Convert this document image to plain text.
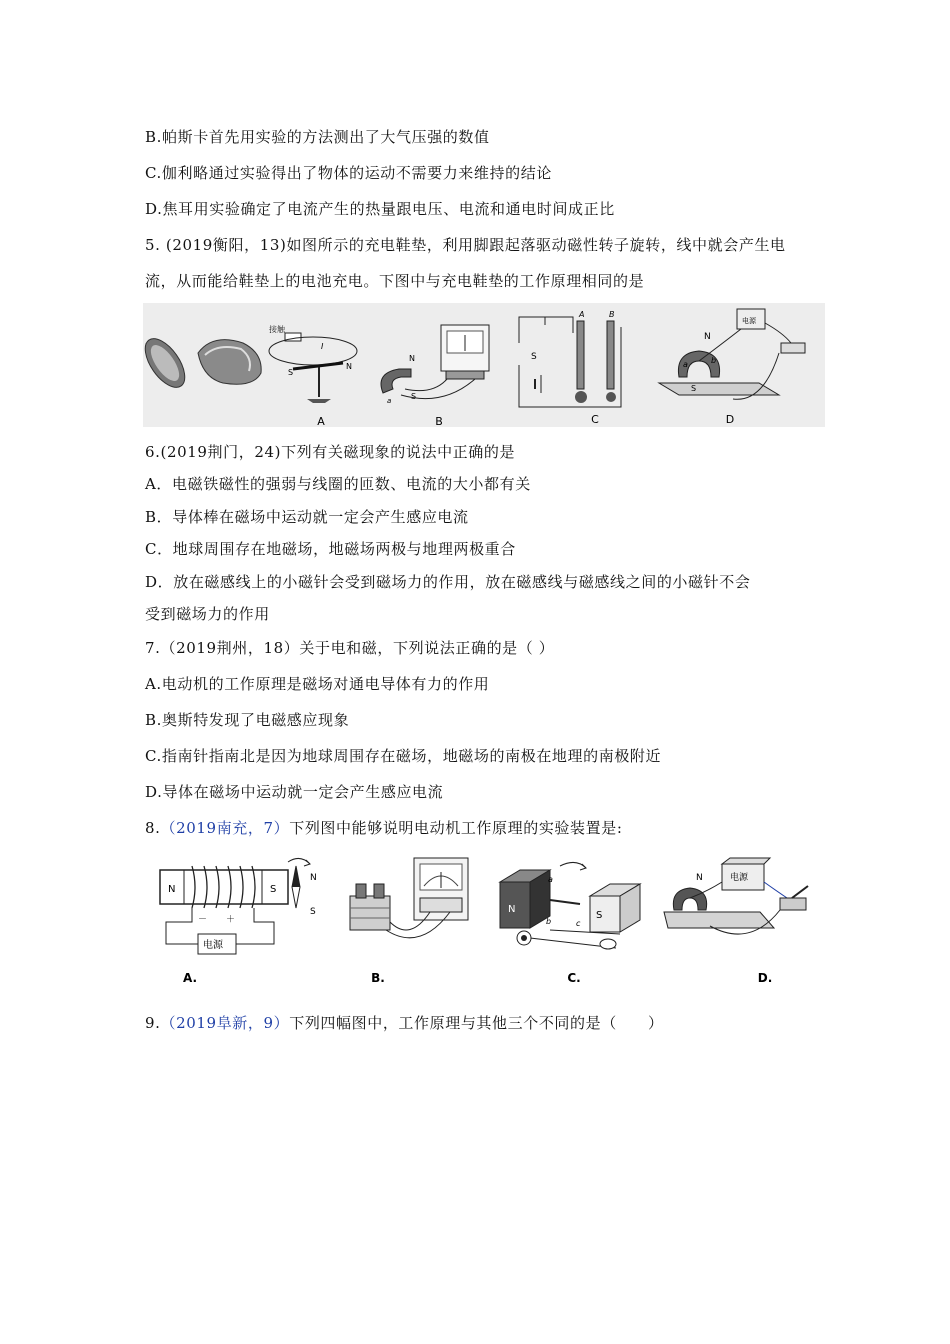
B.帕斯卡首先用实验的方法测出了大气压强的数值
C.伽利略通过实验得出了物体的运动不需要力来维持的结论
D.焦耳用实验确定了电流产生的热量跟电压、电流和通电时间成正比
5. (2019衡阳，13)如图所示的充电鞋垫，利用脚跟起落驱动磁性转子旋转，线中就会产生电
流，从而能给鞋垫上的电池充电。下图中与充电鞋垫的工作原理相同的是
接触
I
S
N
N
S
a
A	B
S
N
S
b
a
电源
A	B	C	D
6.(2019荆门，24)下列有关磁现象的说法中正确的是
A．电磁铁磁性的强弱与线圈的匝数、电流的大小都有关
B．导体棒在磁场中运动就一定会产生感应电流
C．地球周围存在地磁场，地磁场两极与地理两极重合
D．放在磁感线上的小磁针会受到磁场力的作用，放在磁感线与磁感线之间的小磁针不会
受到磁场力的作用
7.（2019荆州，18）关于电和磁，下列说法正确的是（ ）
A.电动机的工作原理是磁场对通电导体有力的作用
B.奥斯特发现了电磁感应现象
C.指南针指南北是因为地球周围存在磁场，地磁场的南极在地理的南极附近
D.导体在磁场中运动就一定会产生感应电流
8.（2019南充，7）下列图中能够说明电动机工作原理的实验装置是:
N	S
－ ＋
电源
N
S	N
S
a
b	c
N	电源
A.	B.	C.	D.
9.（2019阜新，9）下列四幅图中，工作原理与其他三个不同的是（　　）
